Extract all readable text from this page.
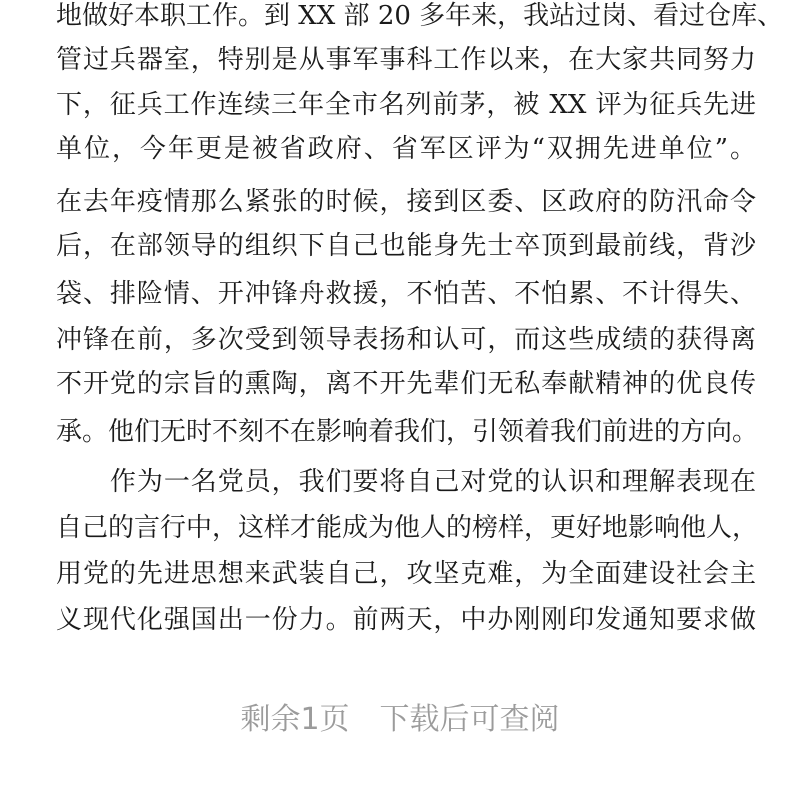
地做好本职工作。到 XX 部 20 多年来，我站过岗、看过仓库、
管过兵器室，特别是从事军事科工作以来，在大家共同努力
下，征兵工作连续三年全市名列前茅，被 XX 评为征兵先进
单位，今年更是被省政府、省军区评为“双拥先进单位”。
在去年疫情那么紧张的时候，接到区委、区政府的防汛命令
后，在部领导的组织下自己也能身先士卒顶到最前线，背沙
袋、排险情、开冲锋舟救援，不怕苦、不怕累、不计得失、
冲锋在前，多次受到领导表扬和认可，而这些成绩的获得离
不开党的宗旨的熏陶，离不开先辈们无私奉献精神的优良传
承。他们无时不刻不在影响着我们，引领着我们前进的方向。
　　作为一名党员，我们要将自己对党的认识和理解表现在
自己的言行中，这样才能成为他人的榜样，更好地影响他人，
用党的先进思想来武装自己，攻坚克难，为全面建设社会主
义现代化强国出一份力。前两天，中办刚刚印发通知要求做
剩余1页　下载后可查阅
